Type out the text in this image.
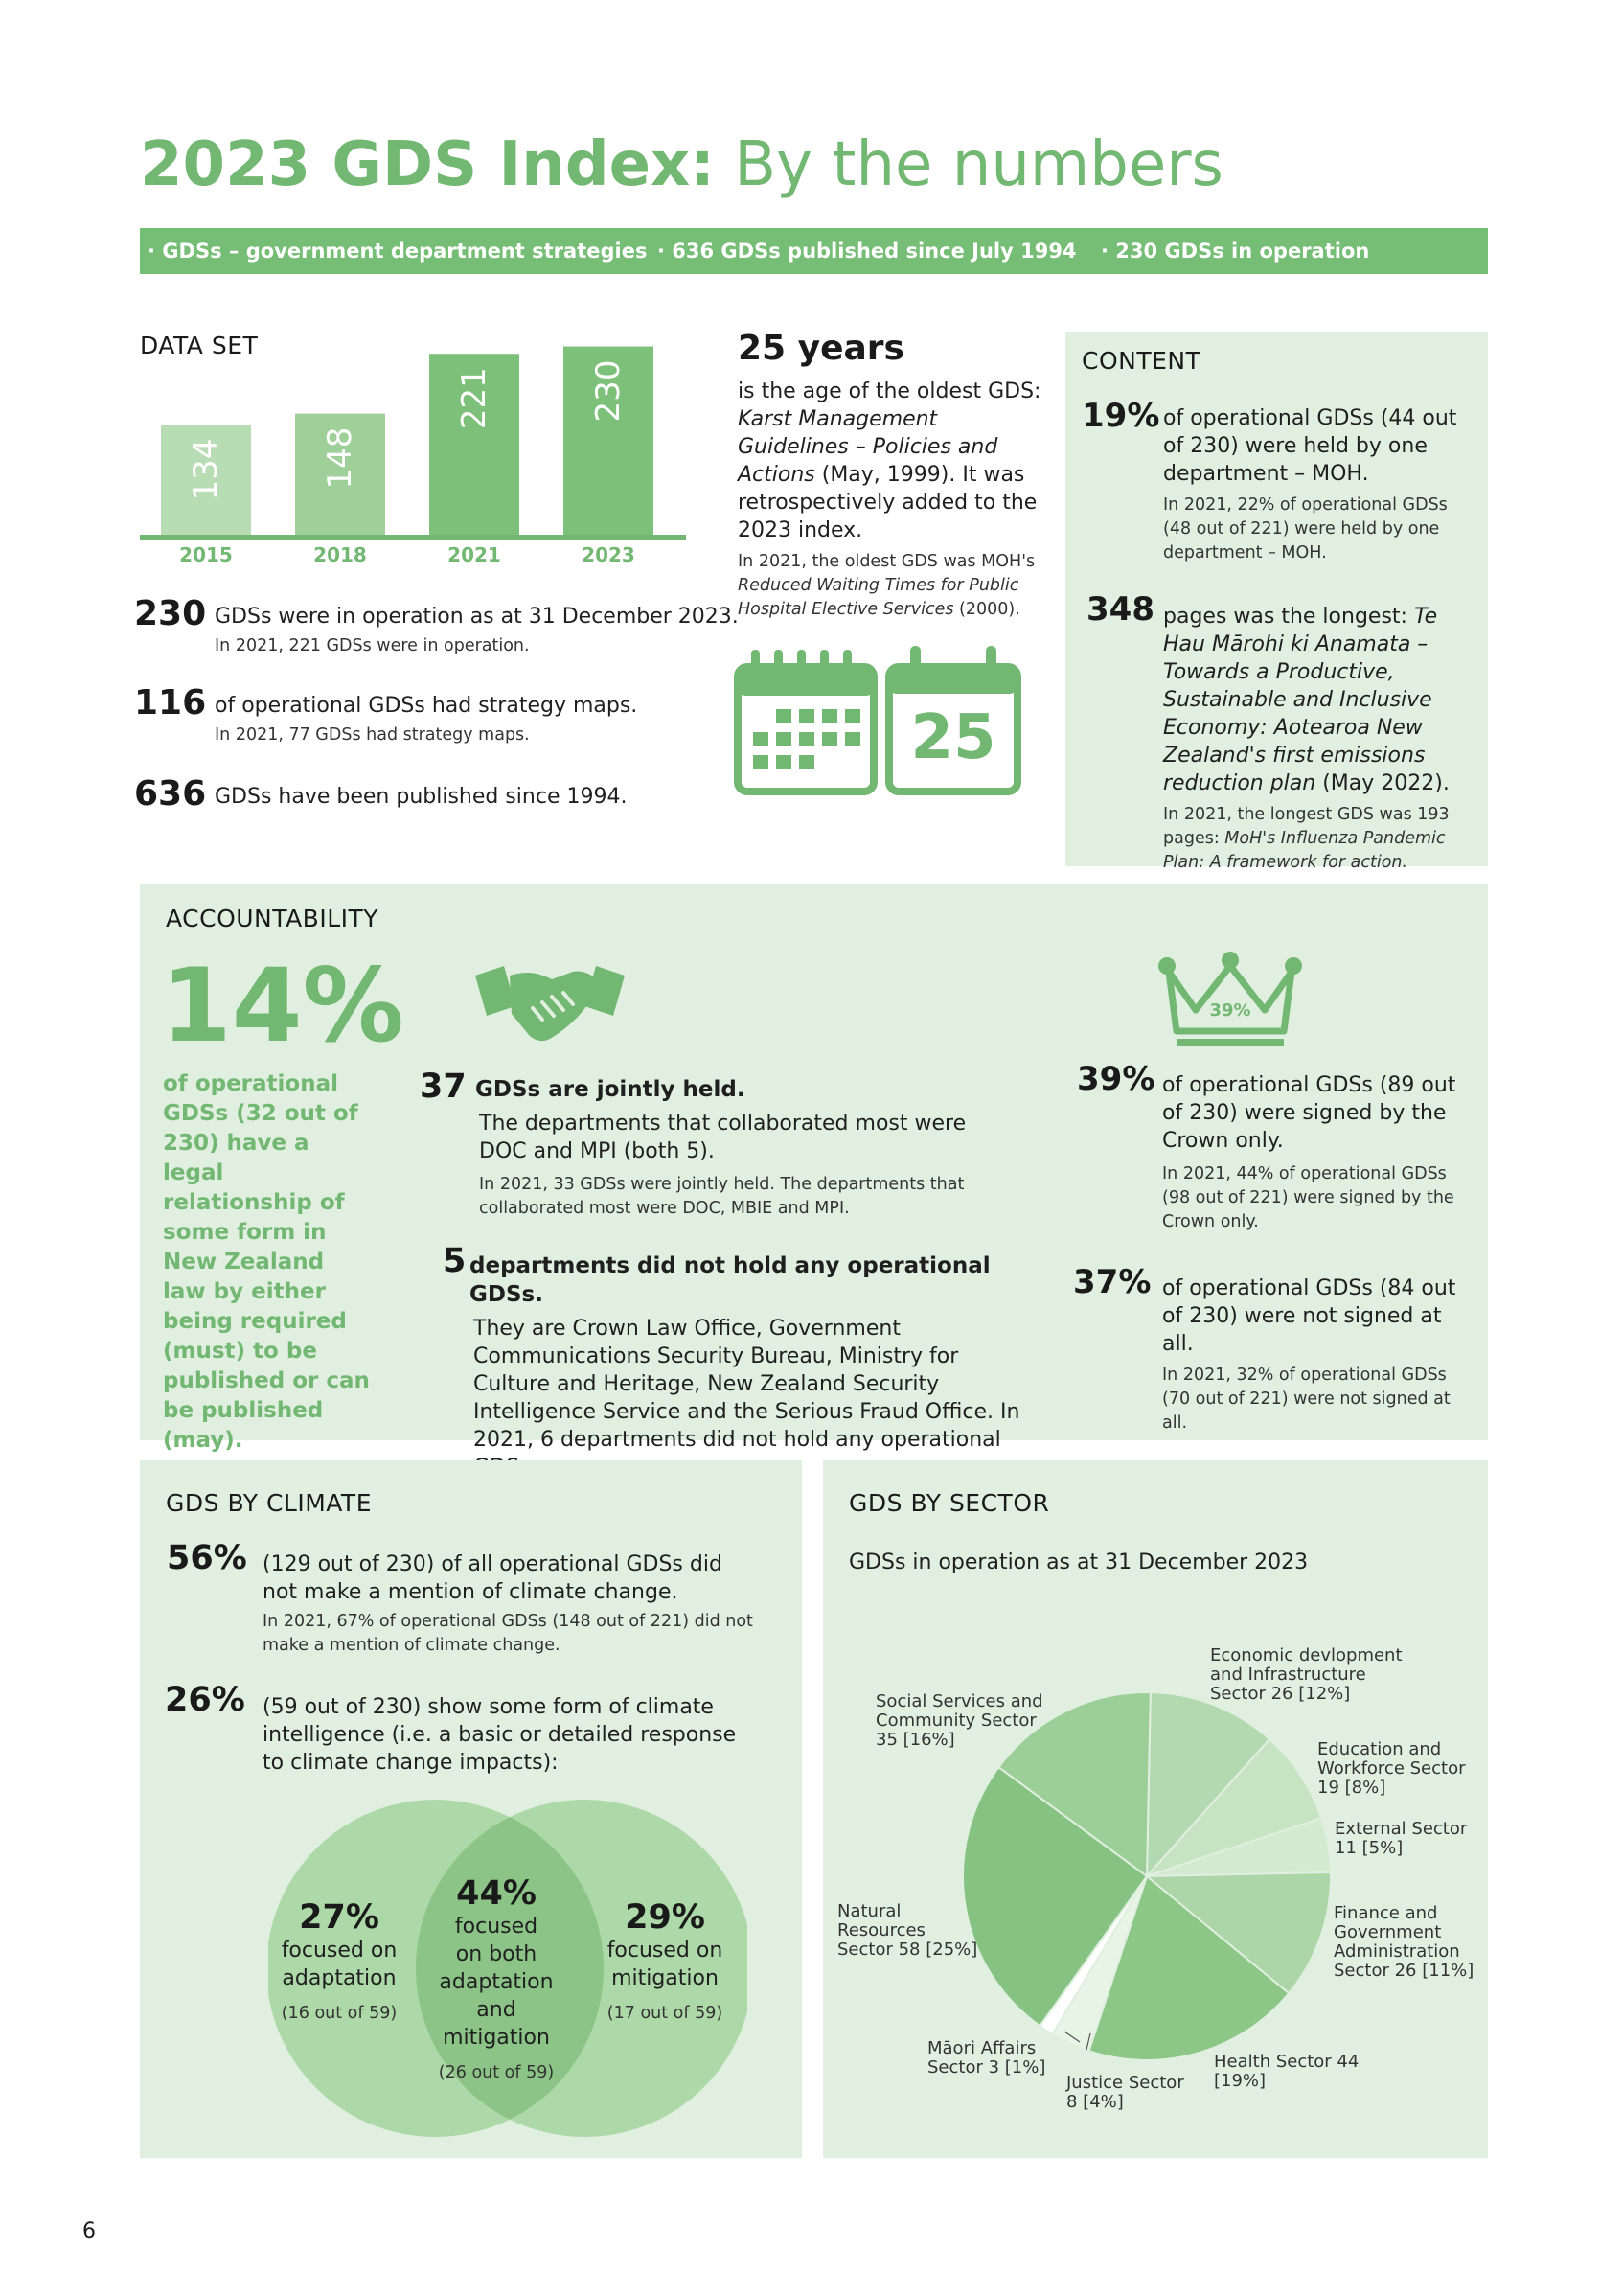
2023 GDS Index: By the numbers
· GDSs – government department strategies · 636 GDSs published since July 1994 · 230 GDSs in operation
DATA SET
134
2015
148
2018
221
2021
230
2023
230 GDSs were in operation as at 31 December 2023.
In 2021, 221 GDSs were in operation.
116 of operational GDSs had strategy maps.
In 2021, 77 GDSs had strategy maps.
636 GDSs have been published since 1994.
25 years
is the age of the oldest GDS: Karst Management Guidelines – Policies and Actions (May, 1999). It was retrospectively added to the 2023 index.
In 2021, the oldest GDS was MOH's Reduced Waiting Times for Public Hospital Elective Services (2000).
25
CONTENT
19% of operational GDSs (44 out of 230) were held by one department – MOH.
In 2021, 22% of operational GDSs (48 out of 221) were held by one department – MOH.
348 pages was the longest: Te Hau Mārohi ki Anamata – Towards a Productive, Sustainable and Inclusive Economy: Aotearoa New Zealand's first emissions reduction plan (May 2022).
In 2021, the longest GDS was 193 pages: MoH's Influenza Pandemic Plan: A framework for action.
ACCOUNTABILITY
14%
of operational GDSs (32 out of 230) have a legal relationship of some form in New Zealand law by either being required (must) to be published or can be published (may).
37 GDSs are jointly held.
The departments that collaborated most were DOC and MPI (both 5).
In 2021, 33 GDSs were jointly held. The departments that collaborated most were DOC, MBIE and MPI.
5 departments did not hold any operational GDSs.
They are Crown Law Office, Government Communications Security Bureau, Ministry for Culture and Heritage, New Zealand Security Intelligence Service and the Serious Fraud Office. In 2021, 6 departments did not hold any operational
39%
39% of operational GDSs (89 out of 230) were signed by the Crown only.
In 2021, 44% of operational GDSs (98 out of 221) were signed by the Crown only.
37% of operational GDSs (84 out of 230) were not signed at all.
In 2021, 32% of operational GDSs (70 out of 221) were not signed at all.
GDS BY CLIMATE
56% (129 out of 230) of all operational GDSs did not make a mention of climate change.
In 2021, 67% of operational GDSs (148 out of 221) did not make a mention of climate change.
26% (59 out of 230) show some form of climate intelligence (i.e. a basic or detailed response to climate change impacts):
27%
focused on
adaptation
(16 out of 59)
44%
focused
on both
adaptation
and mitigation
(26 out of 59)
29%
focused on
mitigation
(17 out of 59)
GDS BY SECTOR
GDSs in operation as at 31 December 2023
Economic devlopment
and Infrastructure
Sector 26 [12%]
Education and
Workforce Sector
19 [8%]
External Sector
11 [5%]
Finance and
Government
Administration
Sector 26 [11%]
Health Sector 44
[19%]
Justice Sector
8 [4%]
Māori Affairs
Sector 3 [1%]
Natural
Resources
Sector 58 [25%]
Social Services and
Community Sector
35 [16%]
6
